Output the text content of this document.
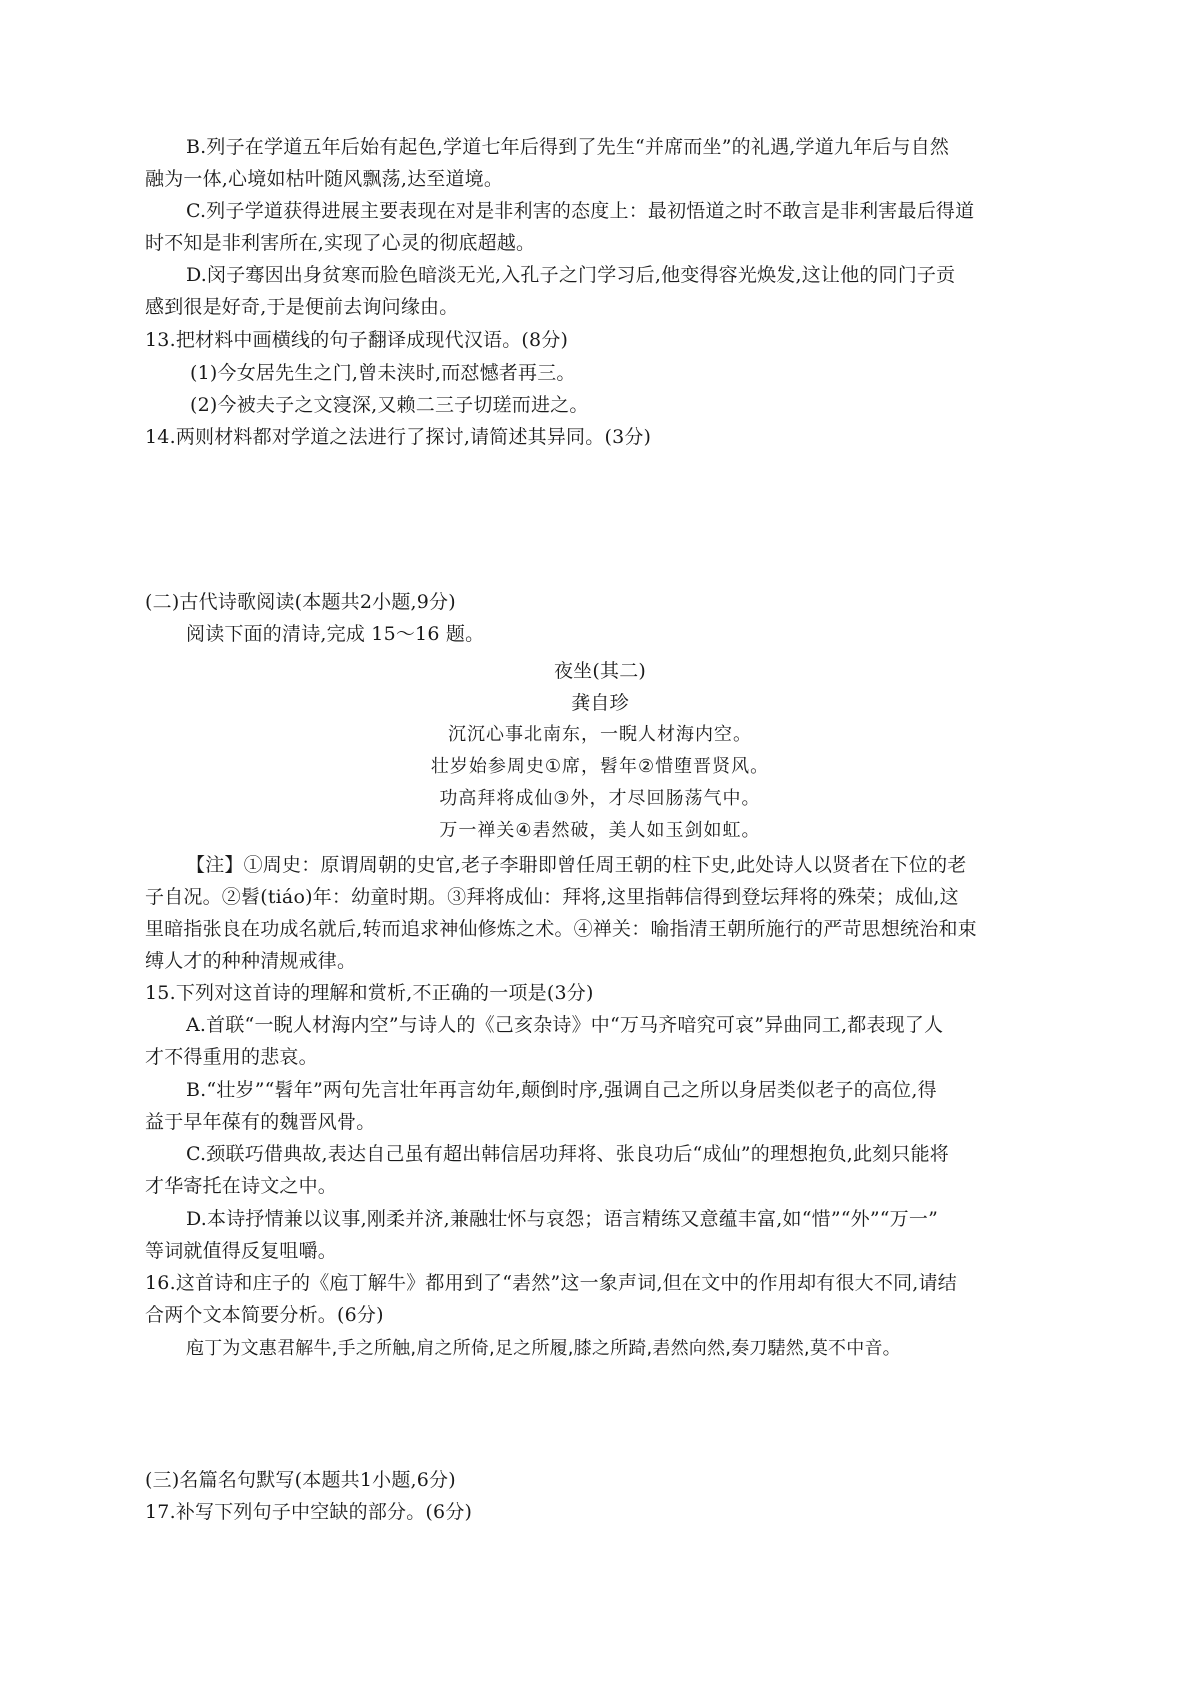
B.列子在学道五年后始有起色,学道七年后得到了先生“并席而坐”的礼遇,学道九年后与自然
融为一体,心境如枯叶随风飘荡,达至道境。
C.列子学道获得进展主要表现在对是非利害的态度上：最初悟道之时不敢言是非利害最后得道
时不知是非利害所在,实现了心灵的彻底超越。
D.闵子骞因出身贫寒而脸色暗淡无光,入孔子之门学习后,他变得容光焕发,这让他的同门子贡
感到很是好奇,于是便前去询问缘由。
13.把材料中画横线的句子翻译成现代汉语。(8分)
(1)今女居先生之门,曾未浃时,而怼憾者再三。
(2)今被夫子之文寖深,又赖二三子切瑳而进之。
14.两则材料都对学道之法进行了探讨,请简述其异同。(3分)
(二)古代诗歌阅读(本题共2小题,9分)
阅读下面的清诗,完成 15～16 题。
夜坐(其二)
龚自珍
沉沉心事北南东，一睨人材海内空。
壮岁始参周史①席，髫年②惜堕晋贤风。
功高拜将成仙③外，才尽回肠荡气中。
万一禅关④砉然破，美人如玉剑如虹。
【注】①周史：原谓周朝的史官,老子李耼即曾任周王朝的柱下史,此处诗人以贤者在下位的老
子自况。②髫(tiáo)年：幼童时期。③拜将成仙：拜将,这里指韩信得到登坛拜将的殊荣；成仙,这
里暗指张良在功成名就后,转而追求神仙修炼之术。④禅关：喻指清王朝所施行的严苛思想统治和束
缚人才的种种清规戒律。
15.下列对这首诗的理解和赏析,不正确的一项是(3分)
A.首联“一睨人材海内空”与诗人的《己亥杂诗》中“万马齐喑究可哀”异曲同工,都表现了人
才不得重用的悲哀。
B.“壮岁”“髫年”两句先言壮年再言幼年,颠倒时序,强调自己之所以身居类似老子的高位,得
益于早年葆有的魏晋风骨。
C.颈联巧借典故,表达自己虽有超出韩信居功拜将、张良功后“成仙”的理想抱负,此刻只能将
才华寄托在诗文之中。
D.本诗抒情兼以议事,刚柔并济,兼融壮怀与哀怨；语言精练又意蕴丰富,如“惜”“外”“万一”
等词就值得反复咀嚼。
16.这首诗和庄子的《庖丁解牛》都用到了“砉然”这一象声词,但在文中的作用却有很大不同,请结
合两个文本简要分析。(6分)
庖丁为文惠君解牛,手之所触,肩之所倚,足之所履,膝之所踦,砉然向然,奏刀騞然,莫不中音。
(三)名篇名句默写(本题共1小题,6分)
17.补写下列句子中空缺的部分。(6分)
